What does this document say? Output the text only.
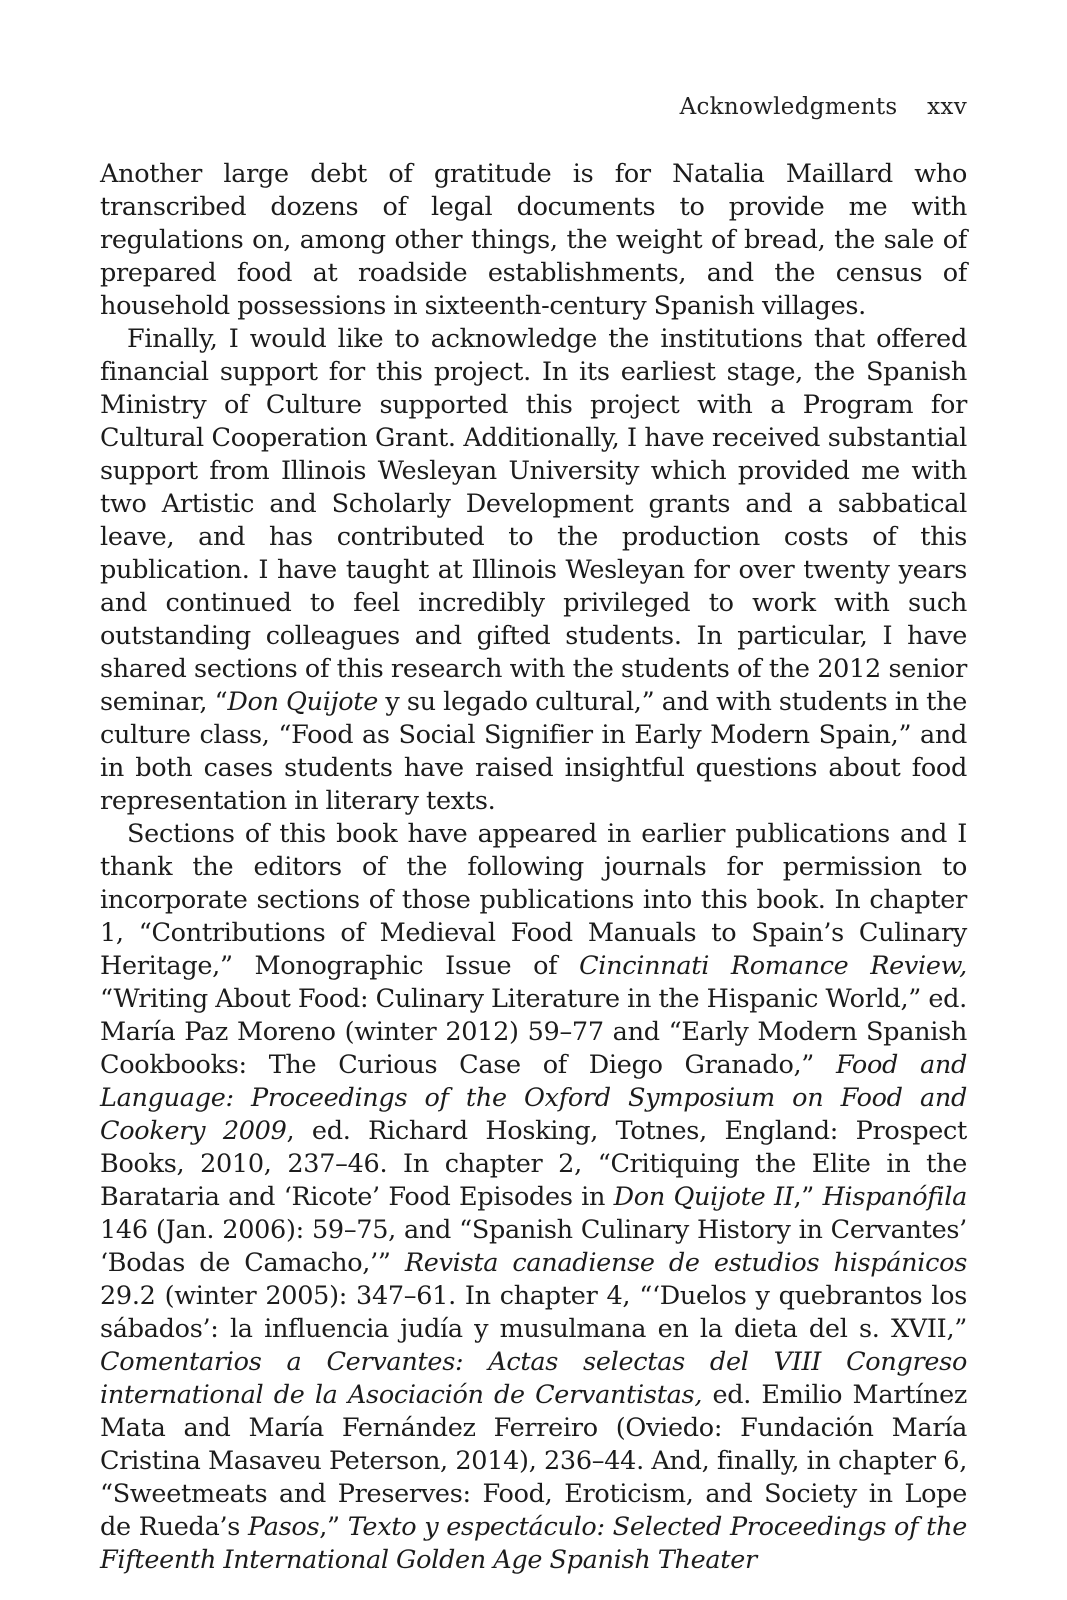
Acknowledgments xxv

Another large debt of gratitude is for Natalia Maillard who transcribed dozens of legal documents to provide me with regulations on, among other things, the weight of bread, the sale of prepared food at roadside establishments, and the census of household possessions in sixteenth-century Spanish villages.

Finally, I would like to acknowledge the institutions that offered financial support for this project. In its earliest stage, the Spanish Ministry of Culture supported this project with a Program for Cultural Cooperation Grant. Additionally, I have received substantial support from Illinois Wesleyan University which provided me with two Artistic and Scholarly Development grants and a sabbatical leave, and has contributed to the production costs of this publication. I have taught at Illinois Wesleyan for over twenty years and continued to feel incredibly privileged to work with such outstanding colleagues and gifted students. In particular, I have shared sections of this research with the students of the 2012 senior seminar, “Don Quijote y su legado cultural,” and with students in the culture class, “Food as Social Signifier in Early Modern Spain,” and in both cases students have raised insightful questions about food representation in literary texts.

Sections of this book have appeared in earlier publications and I thank the editors of the following journals for permission to incorporate sections of those publications into this book. In chapter 1, “Contributions of Medieval Food Manuals to Spain’s Culinary Heritage,” Monographic Issue of Cincinnati Romance Review, “Writing About Food: Culinary Literature in the Hispanic World,” ed. María Paz Moreno (winter 2012) 59–77 and “Early Modern Spanish Cookbooks: The Curious Case of Diego Granado,” Food and Language: Proceedings of the Oxford Symposium on Food and Cookery 2009, ed. Richard Hosking, Totnes, England: Prospect Books, 2010, 237–46. In chapter 2, “Critiquing the Elite in the Barataria and ‘Ricote’ Food Episodes in Don Quijote II,” Hispanófila 146 (Jan. 2006): 59–75, and “Spanish Culinary History in Cervantes’ ‘Bodas de Camacho,’” Revista canadiense de estudios hispánicos 29.2 (winter 2005): 347–61. In chapter 4, “‘Duelos y quebrantos los sábados’: la influencia judía y musulmana en la dieta del s. XVII,” Comentarios a Cervantes: Actas selectas del VIII Congreso international de la Asociación de Cervantistas, ed. Emilio Martínez Mata and María Fernández Ferreiro (Oviedo: Fundación María Cristina Masaveu Peterson, 2014), 236–44. And, finally, in chapter 6, “Sweetmeats and Preserves: Food, Eroticism, and Society in Lope de Rueda’s Pasos,” Texto y espectáculo: Selected Proceedings of the Fifteenth International Golden Age Spanish Theater
